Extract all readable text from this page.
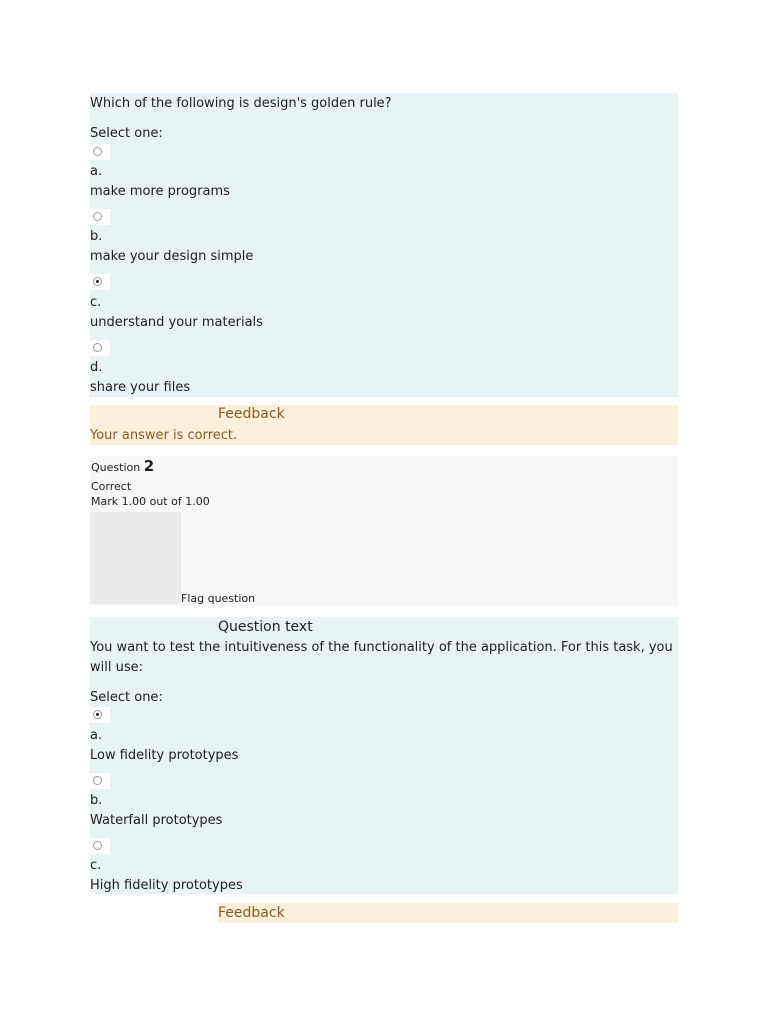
Which of the following is design's golden rule?
Select one:
a.
make more programs
b.
make your design simple
c.
understand your materials
d.
share your files
Feedback
Your answer is correct.
Question 2
Correct
Mark 1.00 out of 1.00
Flag question
Question text
You want to test the intuitiveness of the functionality of the application. For this task, you
will use:
Select one:
a.
Low fidelity prototypes
b.
Waterfall prototypes
c.
High fidelity prototypes
Feedback
